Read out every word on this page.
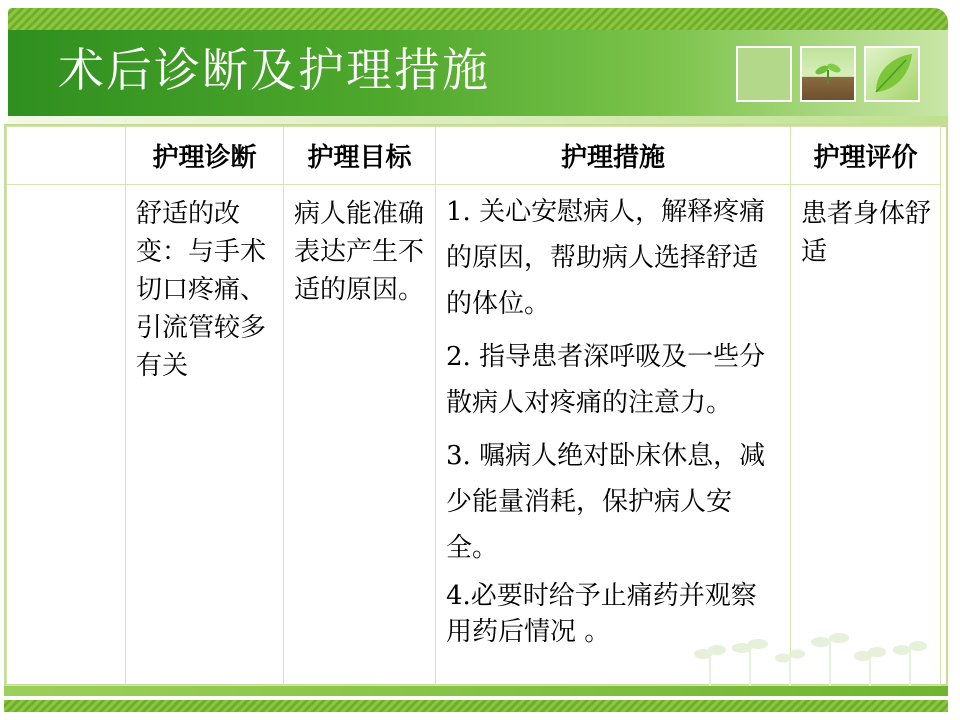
术后诊断及护理措施
	护理诊断	护理目标	护理措施	护理评价

	舒适的改变：与手术切口疼痛、引流管较多有关	病人能准确表达产生不适的原因。	1. 关心安慰病人，解释疼痛的原因，帮助病人选择舒适的体位。

2. 指导患者深呼吸及一些分散病人对疼痛的注意力。

3. 嘱病人绝对卧床休息，减少能量消耗，保护病人安全。

4.必要时给予止痛药并观察用药后情况 。	患者身体舒适
